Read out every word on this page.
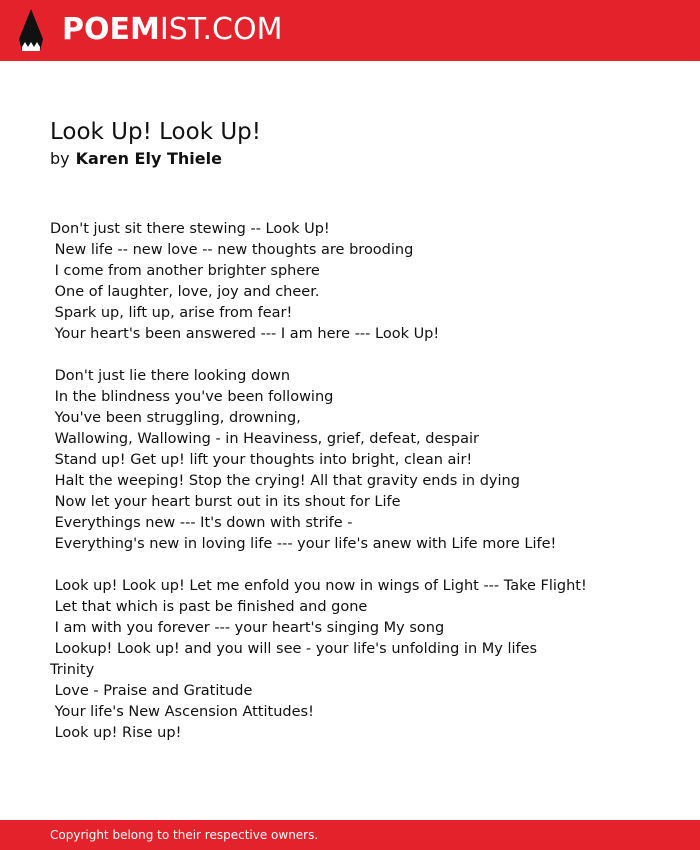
POEMIST.COM
Look Up! Look Up!
by Karen Ely Thiele
Don't just sit there stewing -- Look Up!
New life -- new love -- new thoughts are brooding
I come from another brighter sphere
One of laughter, love, joy and cheer.
Spark up, lift up, arise from fear!
Your heart's been answered --- I am here --- Look Up!

Don't just lie there looking down
In the blindness you've been following
You've been struggling, drowning,
Wallowing, Wallowing - in Heaviness, grief, defeat, despair
Stand up! Get up! lift your thoughts into bright, clean air!
Halt the weeping! Stop the crying! All that gravity ends in dying
Now let your heart burst out in its shout for Life
Everythings new --- It's down with strife -
Everything's new in loving life --- your life's anew with Life more Life!

Look up! Look up! Let me enfold you now in wings of Light --- Take Flight!
Let that which is past be finished and gone
I am with you forever --- your heart's singing My song
Lookup! Look up! and you will see - your life's unfolding in My lifes
Trinity
Love - Praise and Gratitude
Your life's New Ascension Attitudes!
Look up! Rise up!
Copyright belong to their respective owners.
